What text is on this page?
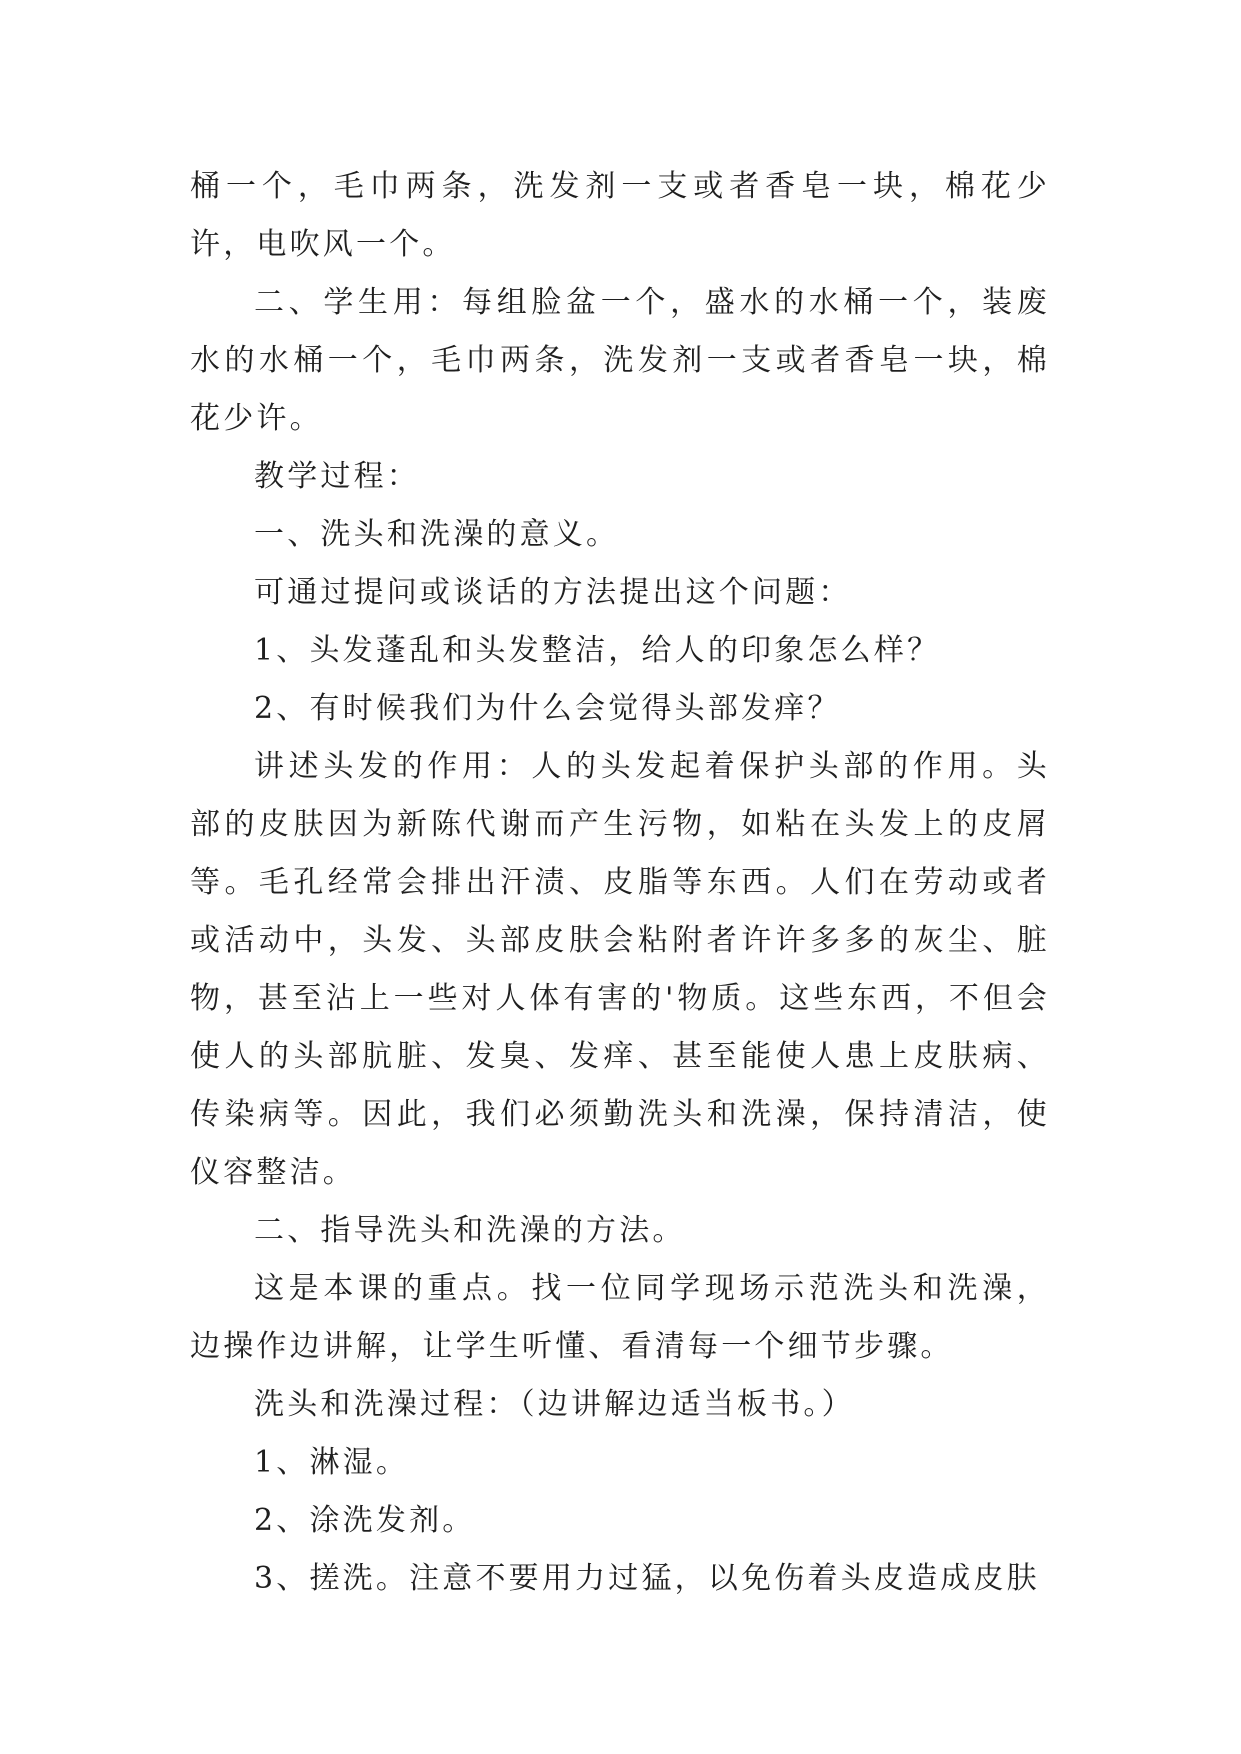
桶一个，毛巾两条，洗发剂一支或者香皂一块，棉花少许，电吹风一个。

二、学生用：每组脸盆一个，盛水的水桶一个，装废水的水桶一个，毛巾两条，洗发剂一支或者香皂一块，棉花少许。

教学过程：

一、洗头和洗澡的意义。

可通过提问或谈话的方法提出这个问题：

1、头发蓬乱和头发整洁，给人的印象怎么样？

2、有时候我们为什么会觉得头部发痒？

讲述头发的作用：人的头发起着保护头部的作用。头部的皮肤因为新陈代谢而产生污物，如粘在头发上的皮屑等。毛孔经常会排出汗渍、皮脂等东西。人们在劳动或者或活动中，头发、头部皮肤会粘附者许许多多的灰尘、脏物，甚至沾上一些对人体有害的'物质。这些东西，不但会使人的头部肮脏、发臭、发痒、甚至能使人患上皮肤病、传染病等。因此，我们必须勤洗头和洗澡，保持清洁，使仪容整洁。

二、指导洗头和洗澡的方法。

这是本课的重点。找一位同学现场示范洗头和洗澡，边操作边讲解，让学生听懂、看清每一个细节步骤。

洗头和洗澡过程：（边讲解边适当板书。）

1、淋湿。

2、涂洗发剂。

3、搓洗。注意不要用力过猛，以免伤着头皮造成皮肤
